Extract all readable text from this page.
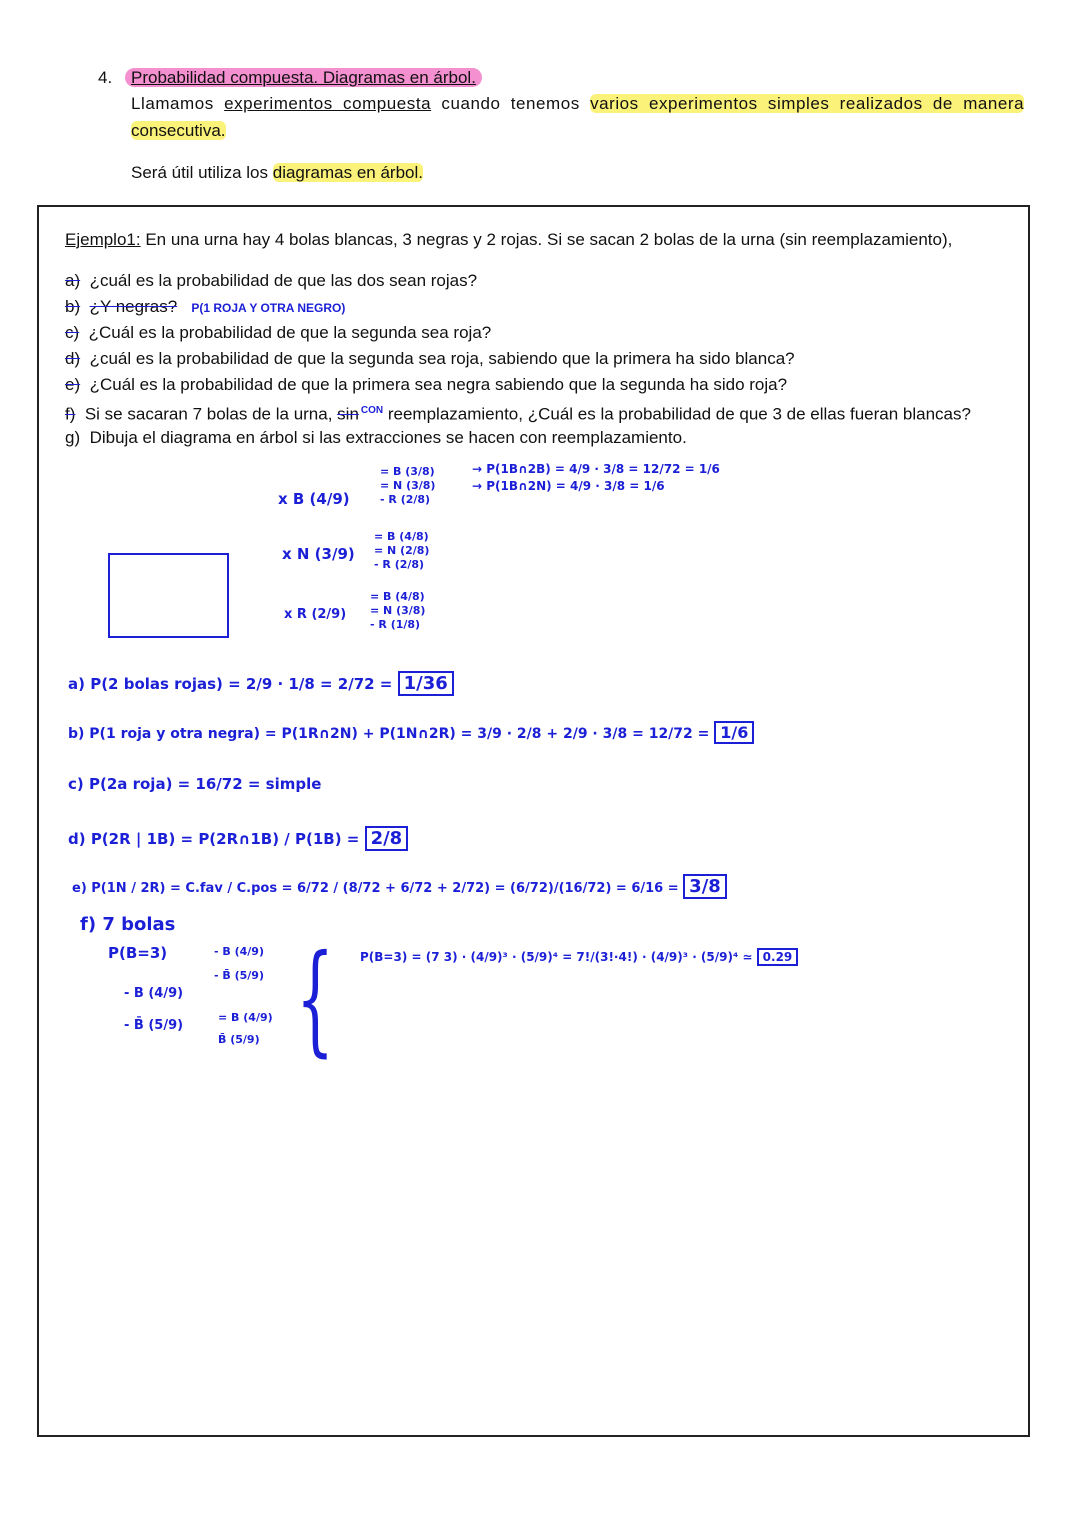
4.	Probabilidad compuesta. Diagramas en árbol.
Llamamos experimentos compuesta cuando tenemos varios experimentos simples realizados de manera
consecutiva.
Será útil utiliza los diagramas en árbol.
Ejemplo1: En una urna hay 4 bolas blancas, 3 negras y 2 rojas. Si se sacan 2 bolas de la urna (sin reemplazamiento),
a) ¿cuál es la probabilidad de que las dos sean rojas?
b) ¿Y negras? P(1 ROJA Y OTRA NEGRO)
c) ¿Cuál es la probabilidad de que la segunda sea roja?
d) ¿cuál es la probabilidad de que la segunda sea roja, sabiendo que la primera ha sido blanca?
e) ¿Cuál es la probabilidad de que la primera sea negra sabiendo que la segunda ha sido roja?
f) Si se sacaran 7 bolas de la urna, sin $^{CON}$ reemplazamiento, ¿Cuál es la probabilidad de que 3 de ellas fueran blancas?
g) Dibuja el diagrama en árbol si las extracciones se hacen con reemplazamiento.
x B (4/9)
= B (3/8)
= N (3/8)
- R (2/8)
→ P(1B∩2B) = 4/9 · 3/8 = 12/72 = 1/6
→ P(1B∩2N) = 4/9 · 3/8 = 1/6
x N (3/9)
= B (4/8)
= N (2/8)
- R (2/8)
x R (2/9)
= B (4/8)
= N (3/8)
- R (1/8)
a) P(2 bolas rojas) = 2/9 · 1/8 = 2/72 = 1/36
b) P(1 roja y otra negra) = P(1R∩2N) + P(1N∩2R) = 3/9 · 2/8 + 2/9 · 3/8 = 12/72 = 1/6
c) P(2a roja) = 16/72 = simple
d) P(2R | 1B) = P(2R∩1B) / P(1B) = 2/8
e) P(1N / 2R) = C.fav / C.pos = 6/72 / (8/72 + 6/72 + 2/72) = (6/72)/(16/72) = 6/16 = 3/8
f) 7 bolas
P(B=3)	- B (4/9)
- B̄ (5/9)
- B (4/9)
- B̄ (5/9)
= B (4/9)
B̄ (5/9) { P(B=3) = (7 3) · (4/9)³ · (5/9)⁴ = 7!/(3!·4!) · (4/9)³ · (5/9)⁴ ≃ 0.29
